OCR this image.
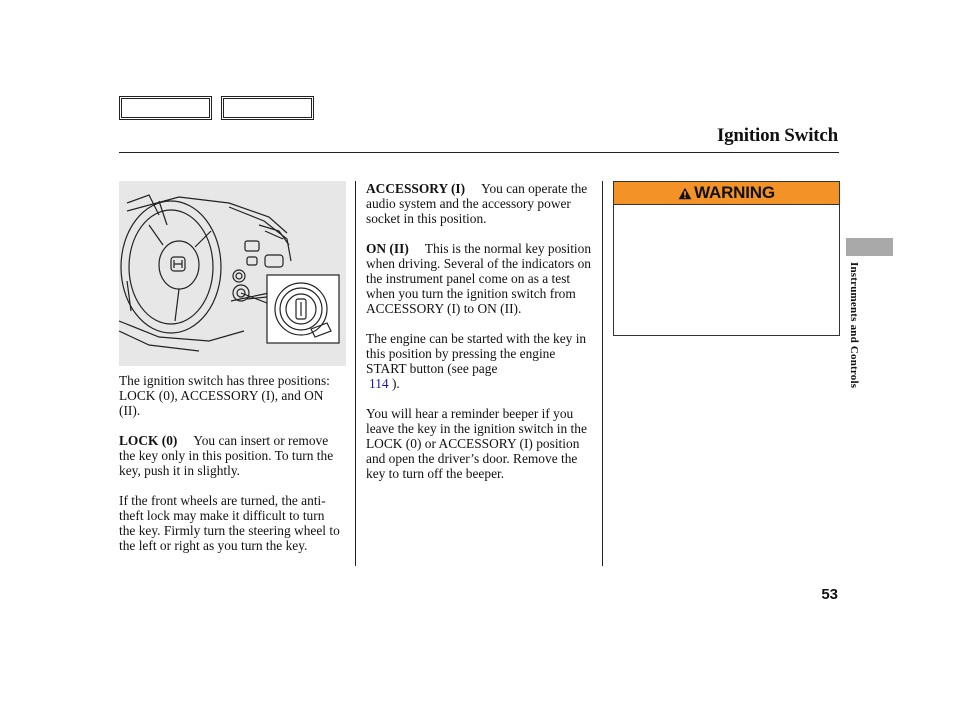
Ignition Switch

The ignition switch has three positions: LOCK (0), ACCESSORY (I), and ON (II).

LOCK (0) You can insert or remove the key only in this position. To turn the key, push it in slightly.

If the front wheels are turned, the anti-theft lock may make it difficult to turn the key. Firmly turn the steering wheel to the left or right as you turn the key.

ACCESSORY (I) You can operate the audio system and the accessory power socket in this position.

ON (II) This is the normal key position when driving. Several of the indicators on the instrument panel come on as a test when you turn the ignition switch from ACCESSORY (I) to ON (II).

The engine can be started with the key in this position by pressing the engine START button (see page
114 ).

You will hear a reminder beeper if you leave the key in the ignition switch in the LOCK (0) or ACCESSORY (I) position and open the driver’s door. Remove the key to turn off the beeper.

WARNING
Instruments and Controls
53
